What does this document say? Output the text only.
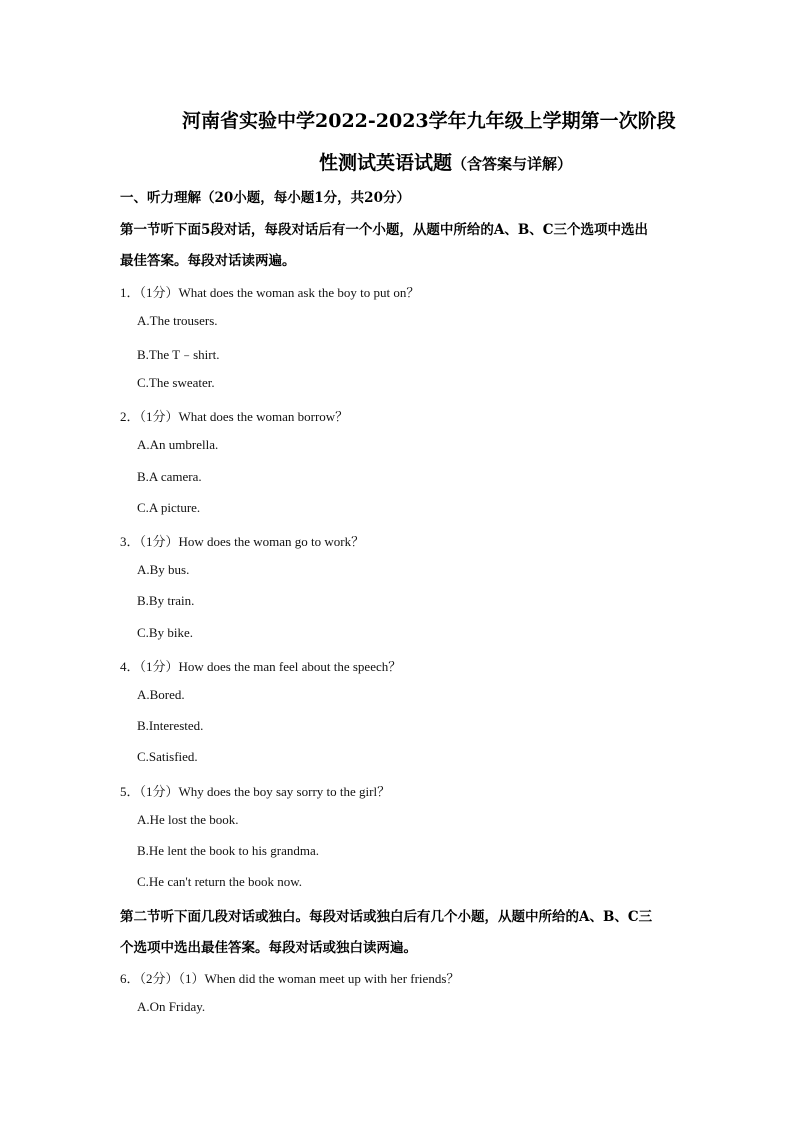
河南省实验中学2022-2023学年九年级上学期第一次阶段
性测试英语试题（含答案与详解）
一、听力理解（20小题，每小题1分，共20分）
第一节听下面5段对话，每段对话后有一个小题，从题中所给的A、B、C三个选项中选出
最佳答案。每段对话读两遍。
1．（1分）What does the woman ask the boy to put on？
A.The trousers.
B.The T﹣shirt.
C.The sweater.
2．（1分）What does the woman borrow？
A.An umbrella.
B.A camera.
C.A picture.
3．（1分）How does the woman go to work？
A.By bus.
B.By train.
C.By bike.
4．（1分）How does the man feel about the speech？
A.Bored.
B.Interested.
C.Satisfied.
5．（1分）Why does the boy say sorry to the girl？
A.He lost the book.
B.He lent the book to his grandma.
C.He can't return the book now.
第二节听下面几段对话或独白。每段对话或独白后有几个小题，从题中所给的A、B、C三
个选项中选出最佳答案。每段对话或独白读两遍。
6．（2分）（1）When did the woman meet up with her friends？
A.On Friday.
